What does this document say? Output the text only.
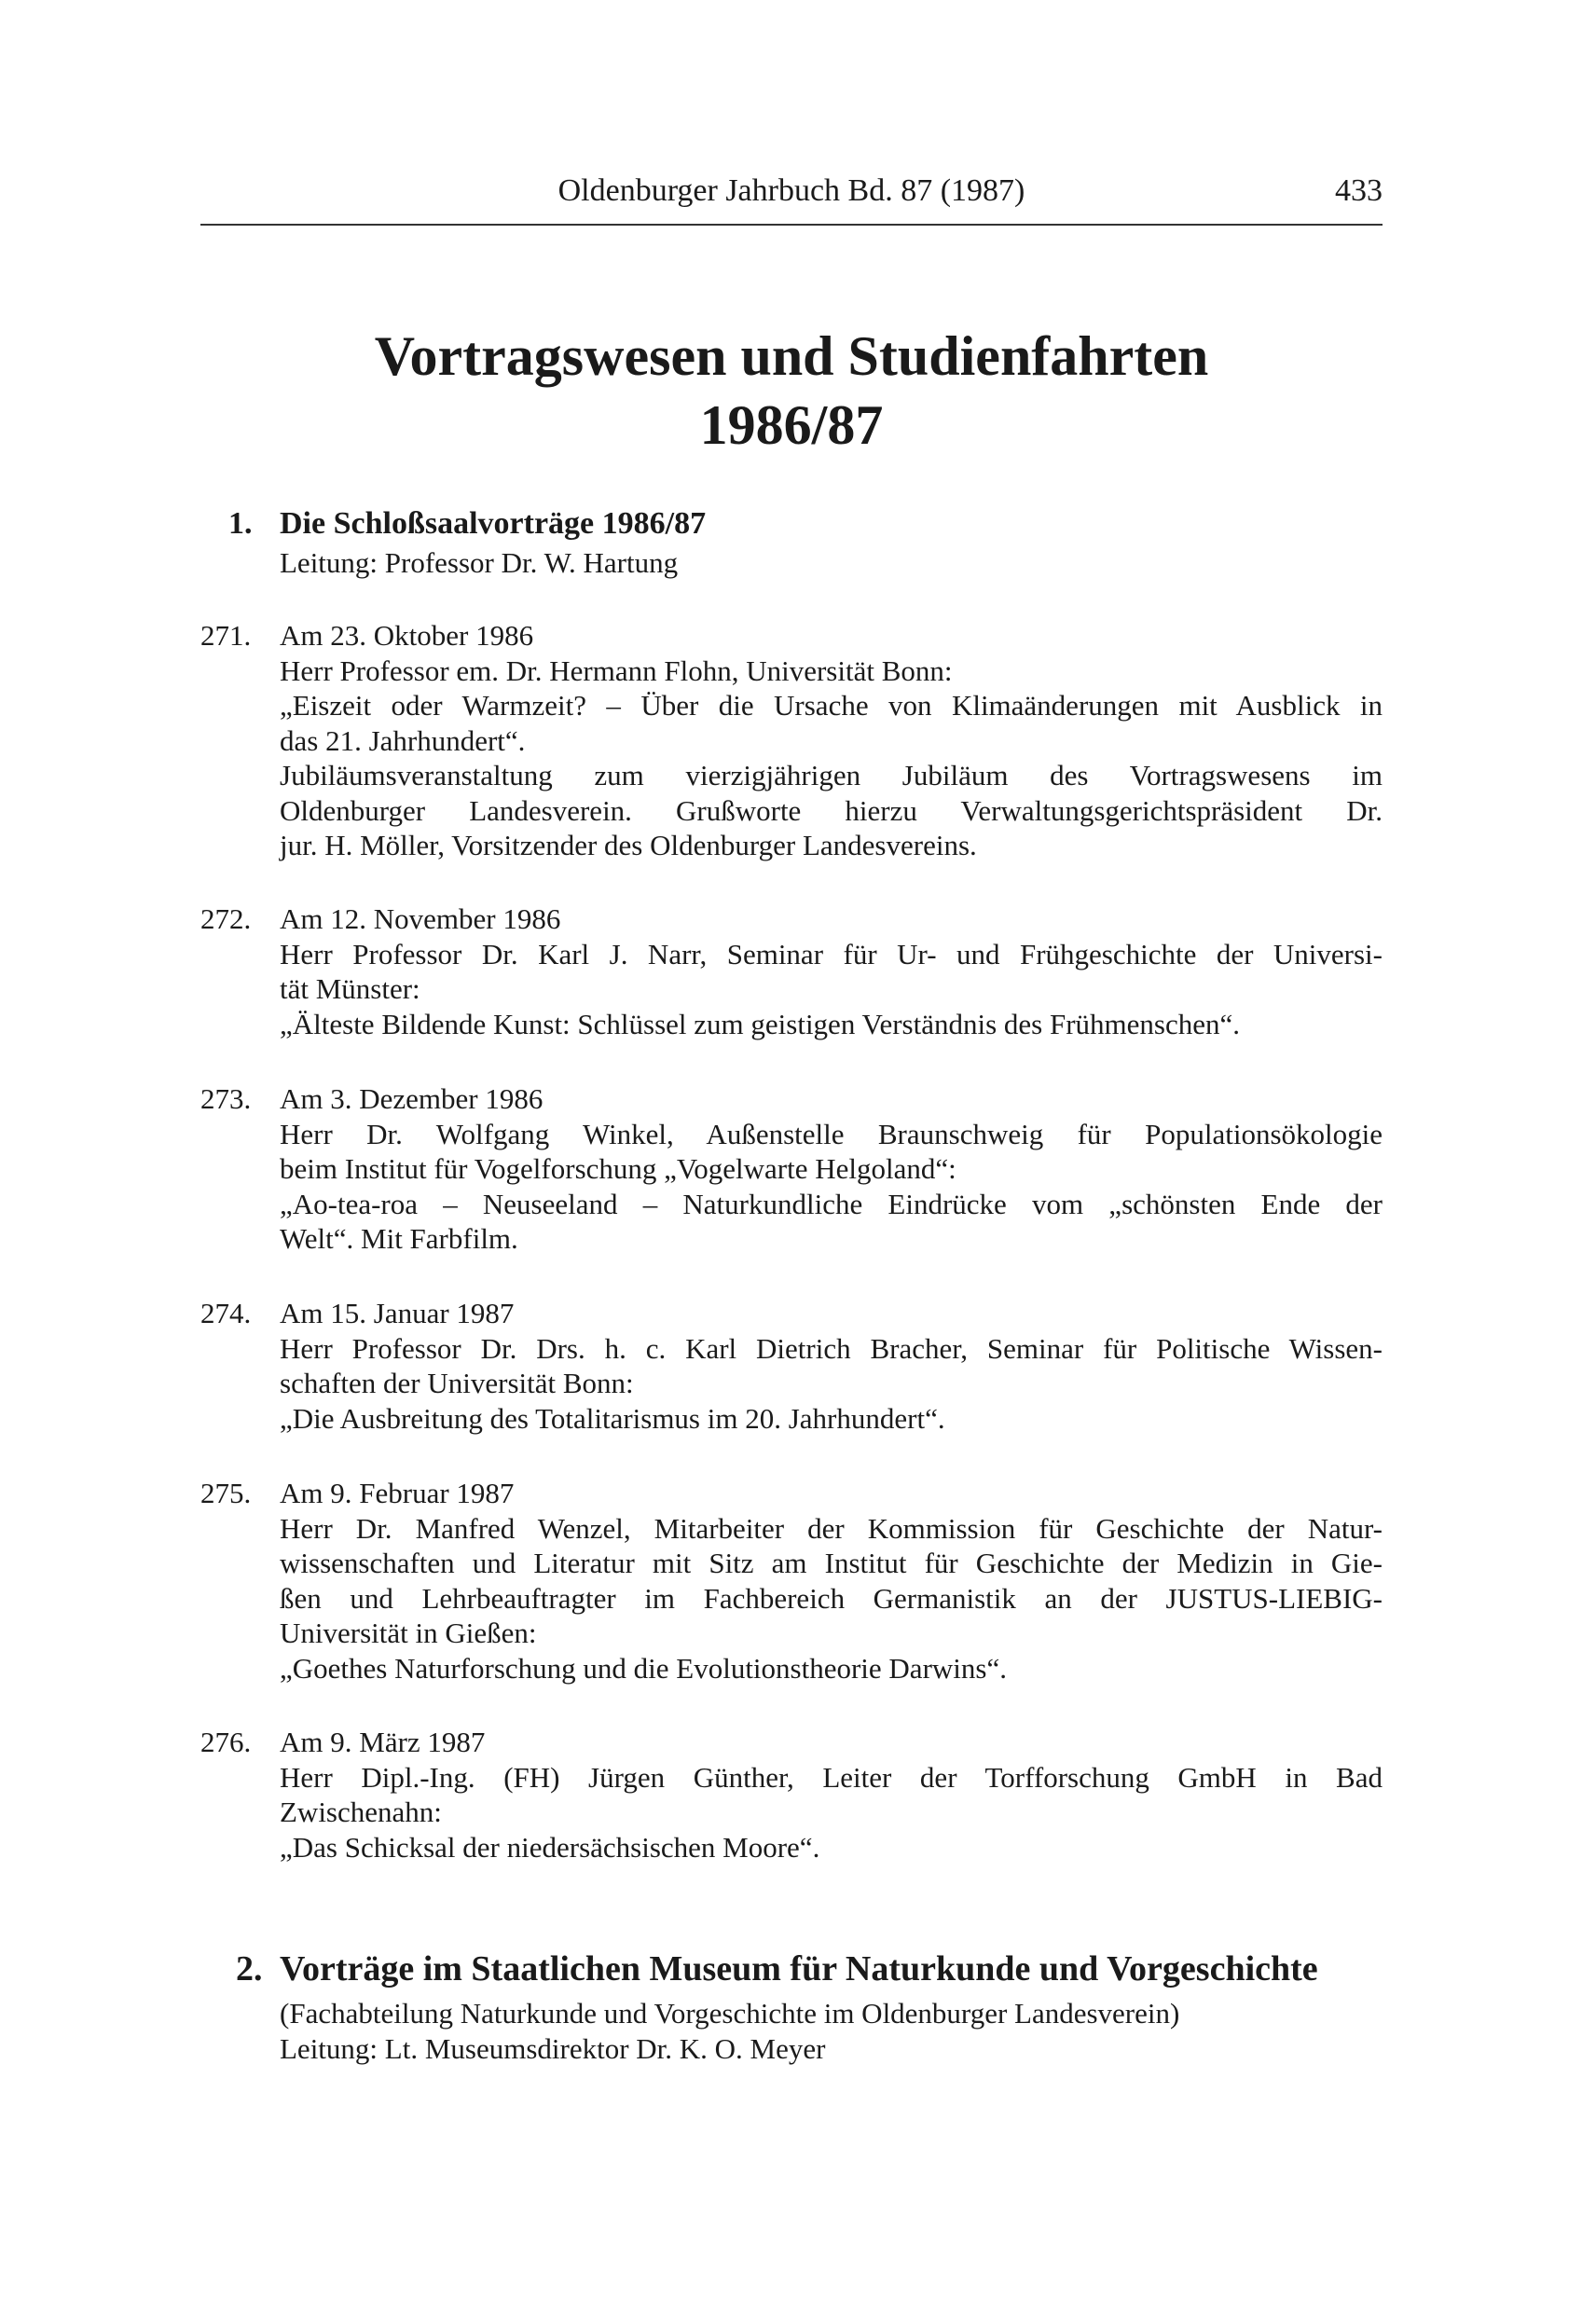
Oldenburger Jahrbuch Bd. 87 (1987)	433
Vortragswesen und Studienfahrten
1986/87
1. Die Schloßsaalvorträge 1986/87
Leitung: Professor Dr. W. Hartung
271. Am 23. Oktober 1986
Herr Professor em. Dr. Hermann Flohn, Universität Bonn:
„Eiszeit oder Warmzeit? – Über die Ursache von Klimaänderungen mit Ausblick in
das 21. Jahrhundert“.
Jubiläumsveranstaltung zum vierzigjährigen Jubiläum des Vortragswesens im
Oldenburger Landesverein. Grußworte hierzu Verwaltungsgerichtspräsident Dr.
jur. H. Möller, Vorsitzender des Oldenburger Landesvereins.
272. Am 12. November 1986
Herr Professor Dr. Karl J. Narr, Seminar für Ur- und Frühgeschichte der Universi-
tät Münster:
„Älteste Bildende Kunst: Schlüssel zum geistigen Verständnis des Frühmenschen“.
273. Am 3. Dezember 1986
Herr Dr. Wolfgang Winkel, Außenstelle Braunschweig für Populationsökologie
beim Institut für Vogelforschung „Vogelwarte Helgoland“:
„Ao-tea-roa – Neuseeland – Naturkundliche Eindrücke vom „schönsten Ende der
Welt“. Mit Farbfilm.
274. Am 15. Januar 1987
Herr Professor Dr. Drs. h. c. Karl Dietrich Bracher, Seminar für Politische Wissen-
schaften der Universität Bonn:
„Die Ausbreitung des Totalitarismus im 20. Jahrhundert“.
275. Am 9. Februar 1987
Herr Dr. Manfred Wenzel, Mitarbeiter der Kommission für Geschichte der Natur-
wissenschaften und Literatur mit Sitz am Institut für Geschichte der Medizin in Gie-
ßen und Lehrbeauftragter im Fachbereich Germanistik an der JUSTUS-LIEBIG-
Universität in Gießen:
„Goethes Naturforschung und die Evolutionstheorie Darwins“.
276. Am 9. März 1987
Herr Dipl.-Ing. (FH) Jürgen Günther, Leiter der Torfforschung GmbH in Bad
Zwischenahn:
„Das Schicksal der niedersächsischen Moore“.
2. Vorträge im Staatlichen Museum für Naturkunde und Vorgeschichte
(Fachabteilung Naturkunde und Vorgeschichte im Oldenburger Landesverein)
Leitung: Lt. Museumsdirektor Dr. K. O. Meyer
